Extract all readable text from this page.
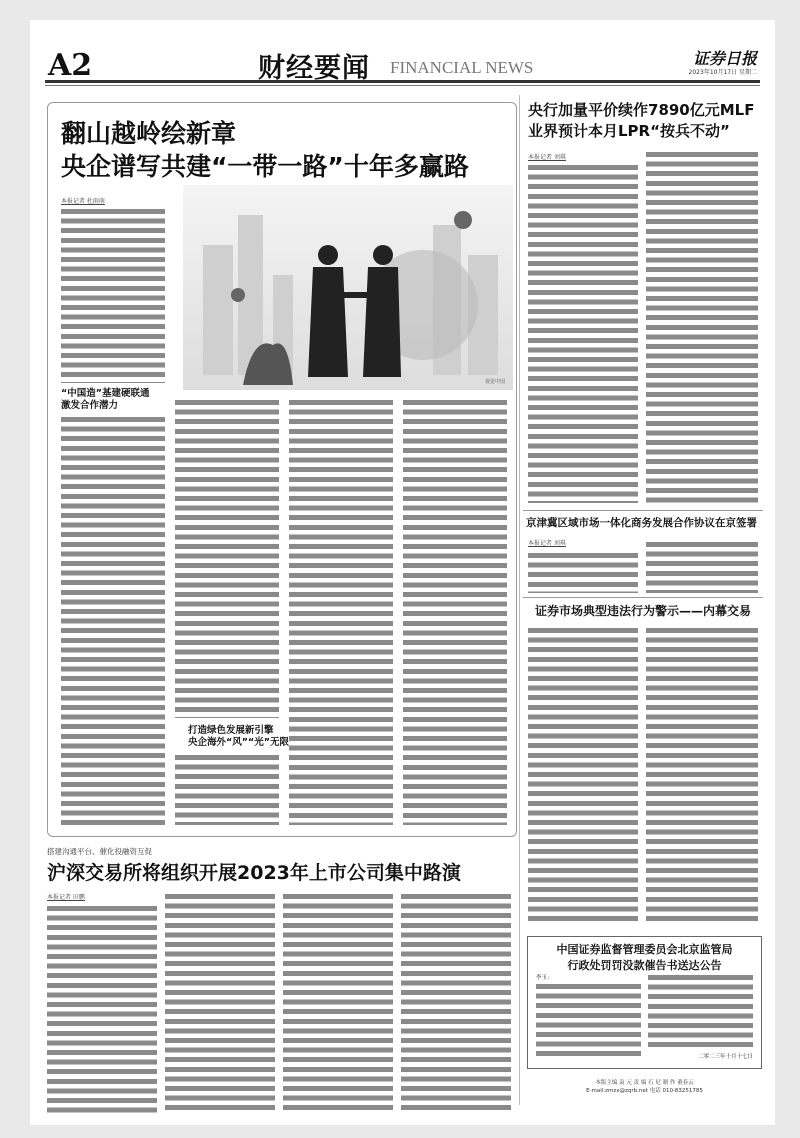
A2	财经要闻 FINANCIAL NEWS	证券日报
2023年10月17日 星期二
翻山越岭绘新章
央企谱写共建“一带一路”十年多赢路
本报记者 杜雨萌
视觉中国
“中国造”基建硬联通
激发合作潜力
打造绿色发展新引擎
央企海外“风”“光”无限
央行加量平价续作7890亿元MLF
业界预计本月LPR“按兵不动”
本报记者 刘琪
京津冀区域市场一体化商务发展合作协议在京签署
本报记者 刘琪
证券市场典型违法行为警示——内幕交易
搭建沟通平台、催化投融资互促
沪深交易所将组织开展2023年上市公司集中路演
本报记者 田鹏
中国证券监督管理委员会北京监管局
行政处罚罚没款催告书送达公告
李玉：
二零二三年十月十七日
本版主编 袁 元 责 编 石 尼 制 作 董春云
E-mail:zmzx@zqrb.net 电话 010-83251785
